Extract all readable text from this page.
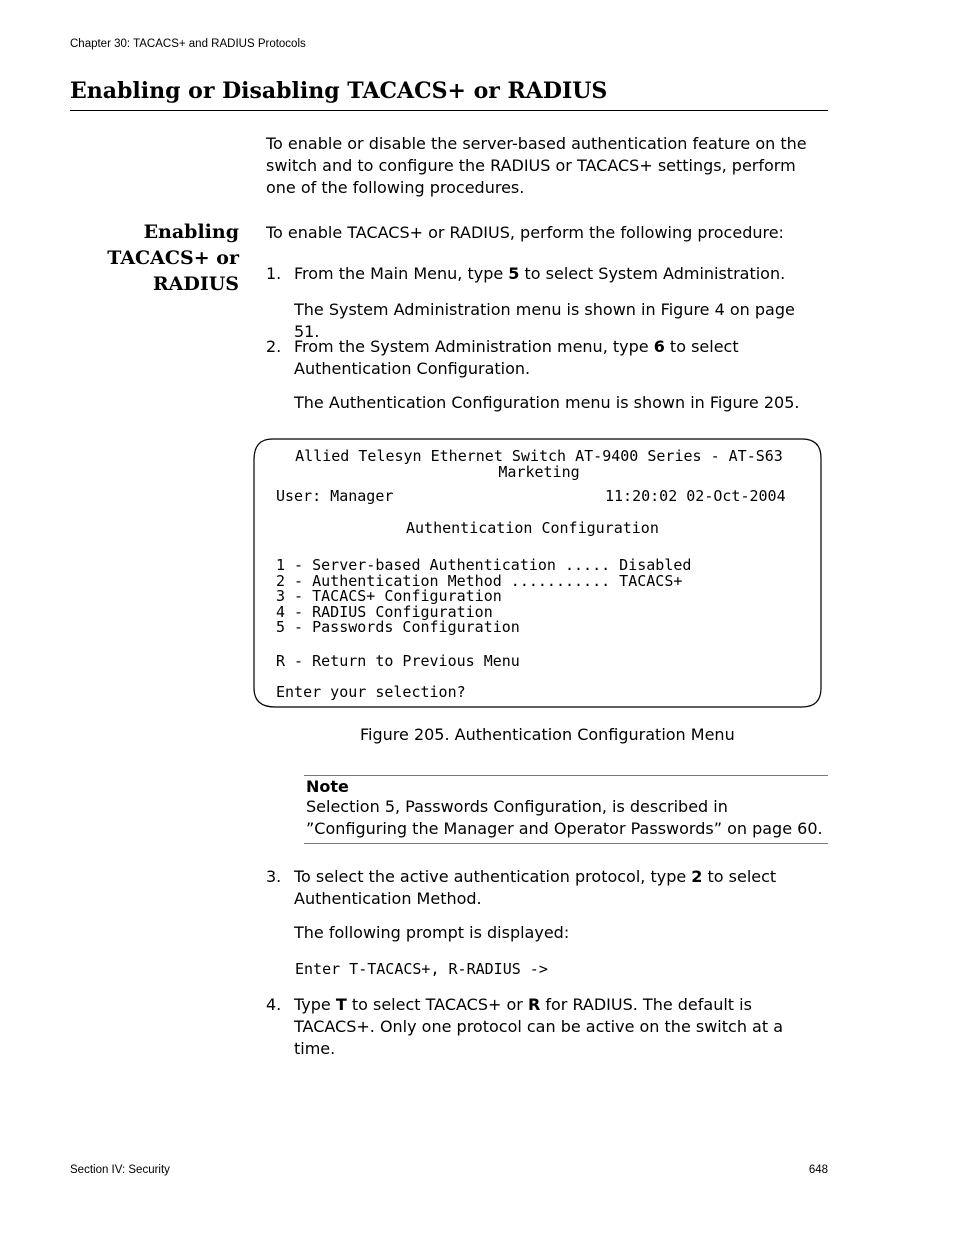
Chapter 30: TACACS+ and RADIUS Protocols
Enabling or Disabling TACACS+ or RADIUS
To enable or disable the server-based authentication feature on the switch and to configure the RADIUS or TACACS+ settings, perform one of the following procedures.
Enabling
TACACS+ or
RADIUS
To enable TACACS+ or RADIUS, perform the following procedure:
1. From the Main Menu, type 5 to select System Administration.
The System Administration menu is shown in Figure 4 on page 51.
2. From the System Administration menu, type 6 to select Authentication Configuration.
The Authentication Configuration menu is shown in Figure 205.
Allied Telesyn Ethernet Switch AT-9400 Series - AT-S63
Marketing
User: Manager	11:20:02 02-Oct-2004
Authentication Configuration
1 - Server-based Authentication ..... Disabled
2 - Authentication Method ........... TACACS+
3 - TACACS+ Configuration
4 - RADIUS Configuration
5 - Passwords Configuration
R - Return to Previous Menu
Enter your selection?
Figure 205. Authentication Configuration Menu
Note
Selection 5, Passwords Configuration, is described in ”Configuring the Manager and Operator Passwords” on page 60.
3. To select the active authentication protocol, type 2 to select Authentication Method.
The following prompt is displayed:
Enter T-TACACS+, R-RADIUS ->
4. Type T to select TACACS+ or R for RADIUS. The default is TACACS+. Only one protocol can be active on the switch at a time.
Section IV: Security	648
